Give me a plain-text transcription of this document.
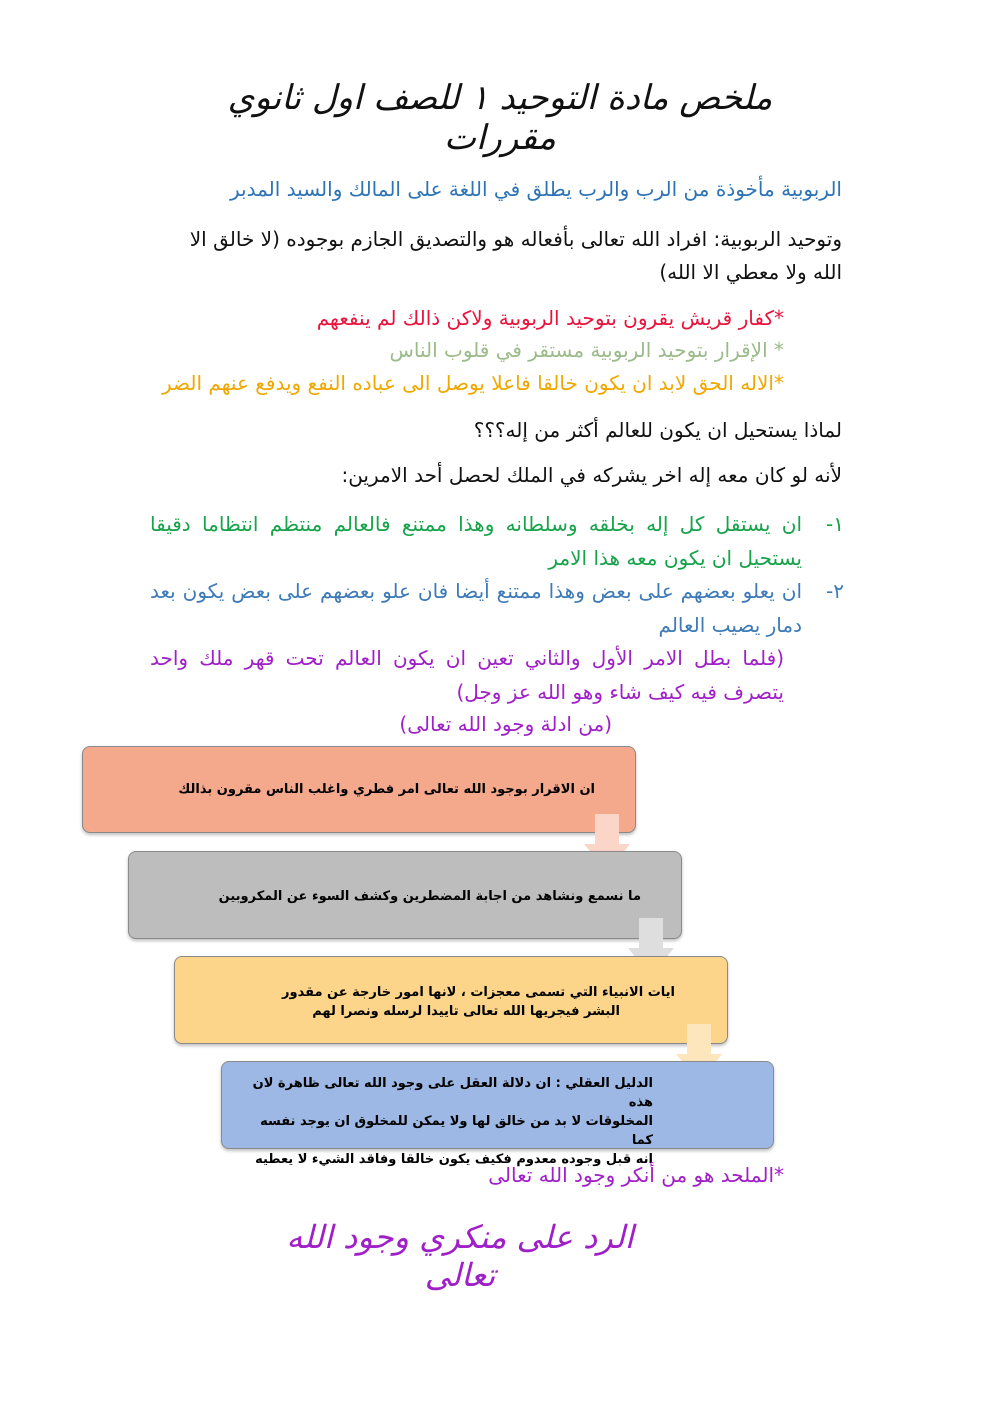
ملخص مادة التوحيد ١ للصف اول ثانوي مقررات
الربوبية مأخوذة من الرب والرب يطلق في اللغة على المالك والسيد المدبر
وتوحيد الربوبية: افراد الله تعالى بأفعاله هو والتصديق الجازم بوجوده (لا خالق الا
الله ولا معطي الا الله)
*كفار قريش يقرون بتوحيد الربوبية ولاكن ذالك لم ينفعهم
* الإقرار بتوحيد الربوبية مستقر في قلوب الناس
*الاله الحق لابد ان يكون خالقا فاعلا يوصل الى عباده النفع ويدفع عنهم الضر
لماذا يستحيل ان يكون للعالم أكثر من إله؟؟؟
لأنه لو كان معه إله اخر يشركه في الملك لحصل أحد الامرين:
١-
ان يستقل كل إله بخلقه وسلطانه وهذا ممتنع فالعالم منتظم انتظاما دقيقا يستحيل ان يكون معه هذا الامر
٢-
ان يعلو بعضهم على بعض وهذا ممتنع أيضا فان علو بعضهم على بعض يكون بعد دمار يصيب العالم
(فلما بطل الامر الأول والثاني تعين ان يكون العالم تحت قهر ملك واحد يتصرف فيه كيف شاء وهو الله عز وجل)
(من ادلة وجود الله تعالى)
ان الاقرار بوجود الله تعالى امر فطري واغلب الناس مقرون بذالك
ما نسمع ونشاهد من اجابة المضطرين وكشف السوء عن المكروبين
ايات الانبياء التي تسمى معجزات ، لانها امور خارجة عن مقدور
البشر فيجريها الله تعالى تاييدا لرسله ونصرا لهم
الدليل العقلي : ان دلالة العقل على وجود الله تعالى ظاهرة لان هذه
المخلوقات لا بد من خالق لها ولا يمكن للمخلوق ان يوجد نفسه كما
انه قبل وجوده معدوم فكيف يكون خالقا وفاقد الشيء لا يعطيه
*الملحد هو من أنكر وجود الله تعالى
الرد على منكري وجود الله تعالى
